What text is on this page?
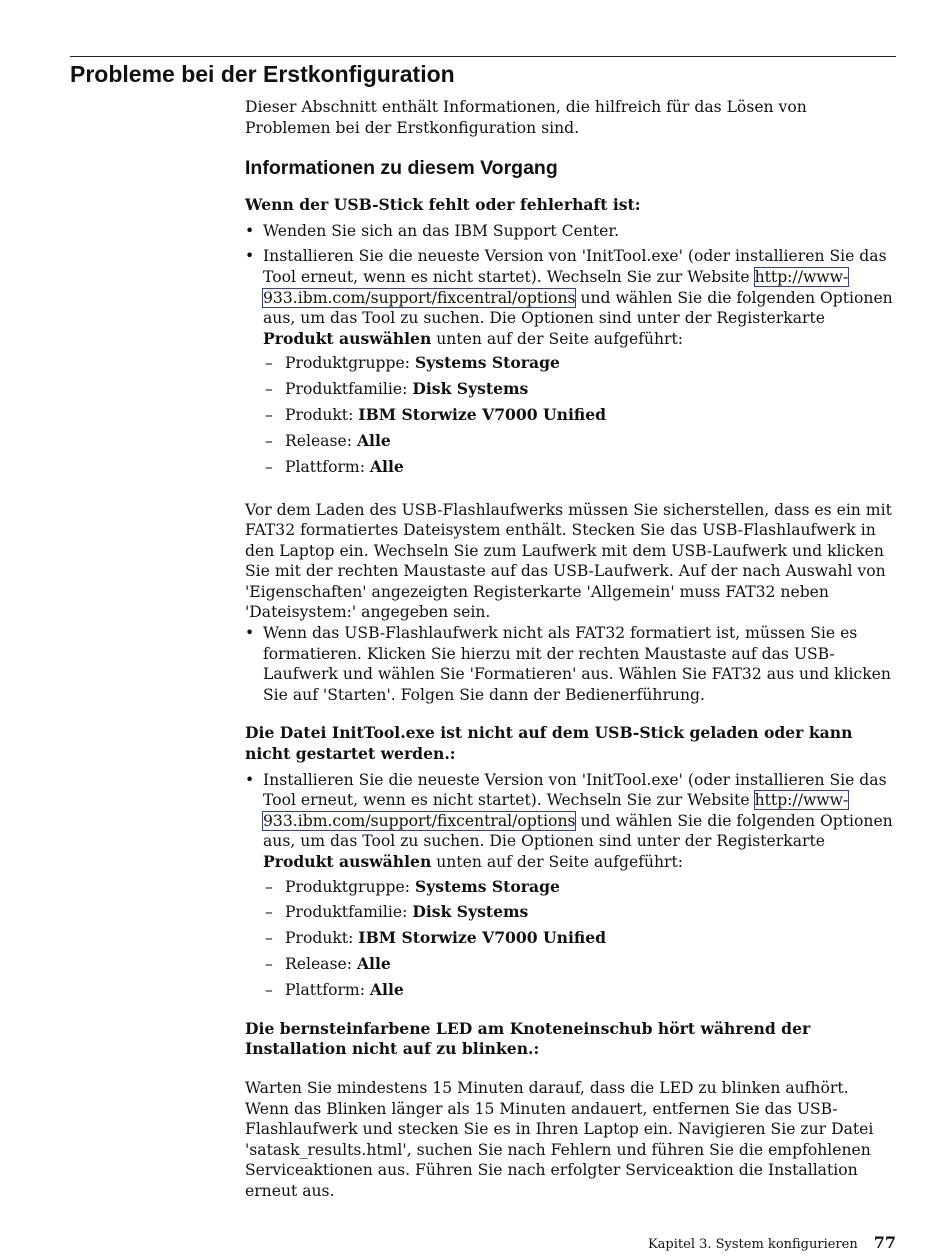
Probleme bei der Erstkonfiguration

Dieser Abschnitt enthält Informationen, die hilfreich für das Lösen von Problemen bei der Erstkonfiguration sind.

Informationen zu diesem Vorgang

Wenn der USB-Stick fehlt oder fehlerhaft ist:

• Wenden Sie sich an das IBM Support Center.
• Installieren Sie die neueste Version von 'InitTool.exe' (oder installieren Sie das Tool erneut, wenn es nicht startet). Wechseln Sie zur Website http://www-933.ibm.com/support/fixcentral/options und wählen Sie die folgenden Optionen aus, um das Tool zu suchen. Die Optionen sind unter der Registerkarte Produkt auswählen unten auf der Seite aufgeführt:
– Produktgruppe: Systems Storage
– Produktfamilie: Disk Systems
– Produkt: IBM Storwize V7000 Unified
– Release: Alle
– Plattform: Alle

Vor dem Laden des USB-Flashlaufwerks müssen Sie sicherstellen, dass es ein mit FAT32 formatiertes Dateisystem enthält. Stecken Sie das USB-Flashlaufwerk in den Laptop ein. Wechseln Sie zum Laufwerk mit dem USB-Laufwerk und klicken Sie mit der rechten Maustaste auf das USB-Laufwerk. Auf der nach Auswahl von 'Eigenschaften' angezeigten Registerkarte 'Allgemein' muss FAT32 neben 'Dateisystem:' angegeben sein.

• Wenn das USB-Flashlaufwerk nicht als FAT32 formatiert ist, müssen Sie es formatieren. Klicken Sie hierzu mit der rechten Maustaste auf das USB-Laufwerk und wählen Sie 'Formatieren' aus. Wählen Sie FAT32 aus und klicken Sie auf 'Starten'. Folgen Sie dann der Bedienerführung.

Die Datei InitTool.exe ist nicht auf dem USB-Stick geladen oder kann nicht gestartet werden.:

• Installieren Sie die neueste Version von 'InitTool.exe' (oder installieren Sie das Tool erneut, wenn es nicht startet). Wechseln Sie zur Website http://www-933.ibm.com/support/fixcentral/options und wählen Sie die folgenden Optionen aus, um das Tool zu suchen. Die Optionen sind unter der Registerkarte Produkt auswählen unten auf der Seite aufgeführt:
– Produktgruppe: Systems Storage
– Produktfamilie: Disk Systems
– Produkt: IBM Storwize V7000 Unified
– Release: Alle
– Plattform: Alle

Die bernsteinfarbene LED am Knoteneinschub hört während der Installation nicht auf zu blinken.:

Warten Sie mindestens 15 Minuten darauf, dass die LED zu blinken aufhört. Wenn das Blinken länger als 15 Minuten andauert, entfernen Sie das USB-Flashlaufwerk und stecken Sie es in Ihren Laptop ein. Navigieren Sie zur Datei 'satask_results.html', suchen Sie nach Fehlern und führen Sie die empfohlenen Serviceaktionen aus. Führen Sie nach erfolgter Serviceaktion die Installation erneut aus.

Kapitel 3. System konfigurieren 77
